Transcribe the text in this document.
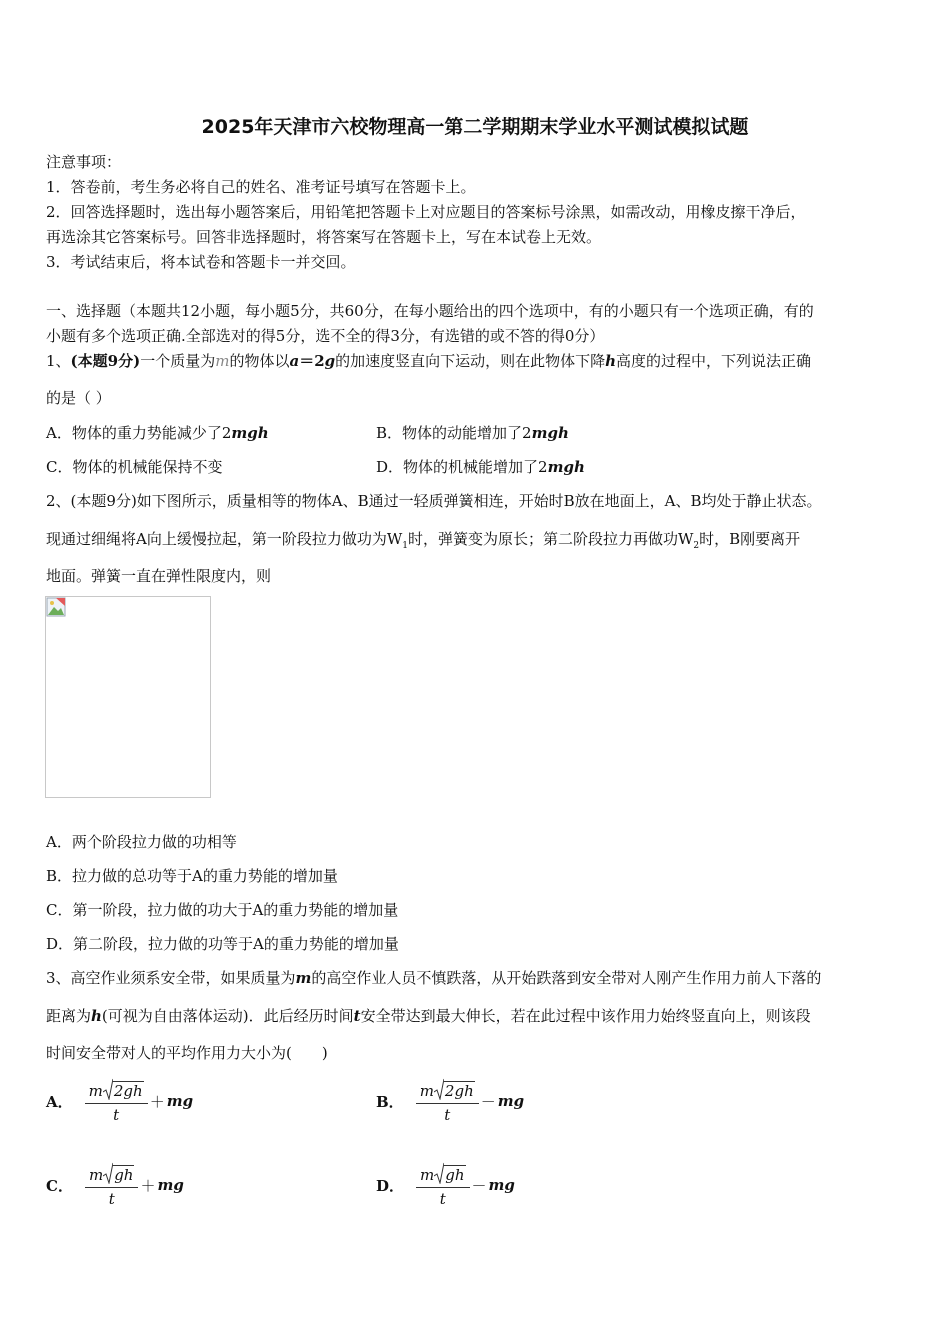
2025年天津市六校物理高一第二学期期末学业水平测试模拟试题
注意事项：
1．答卷前，考生务必将自己的姓名、准考证号填写在答题卡上。
2．回答选择题时，选出每小题答案后，用铅笔把答题卡上对应题目的答案标号涂黑，如需改动，用橡皮擦干净后，
再选涂其它答案标号。回答非选择题时，将答案写在答题卡上，写在本试卷上无效。
3．考试结束后，将本试卷和答题卡一并交回。
一、选择题（本题共12小题，每小题5分，共60分，在每小题给出的四个选项中，有的小题只有一个选项正确，有的
小题有多个选项正确.全部选对的得5分，选不全的得3分，有选错的或不答的得0分）
1、(本题9分)一个质量为m的物体以a＝2g的加速度竖直向下运动，则在此物体下降h高度的过程中，下列说法正确
的是（ ）
A．物体的重力势能减少了2mgh	B．物体的动能增加了2mgh
C．物体的机械能保持不变	D．物体的机械能增加了2mgh
2、(本题9分)如下图所示，质量相等的物体A、B通过一轻质弹簧相连，开始时B放在地面上，A、B均处于静止状态。
现通过细绳将A向上缓慢拉起，第一阶段拉力做功为$W_1$时，弹簧变为原长；第二阶段拉力再做功$W_2$时，B刚要离开
地面。弹簧一直在弹性限度内，则
A．两个阶段拉力做的功相等
B．拉力做的总功等于A的重力势能的增加量
C．第一阶段，拉力做的功大于A的重力势能的增加量
D．第二阶段，拉力做的功等于A的重力势能的增加量
3、高空作业须系安全带，如果质量为m的高空作业人员不慎跌落，从开始跌落到安全带对人刚产生作用力前人下落的
距离为h(可视为自由落体运动)．此后经历时间t安全带达到最大伸长，若在此过程中该作用力始终竖直向上，则该段
时间安全带对人的平均作用力大小为(　　)
A． $\frac{m 2gh}{t}$ ＋ mg	B． $\frac{m 2gh}{t}$ － mg
C． $\frac{\text{m gh}}{t}$ ＋ mg	D． $\frac{\text{m gh}}{t}$ － mg
